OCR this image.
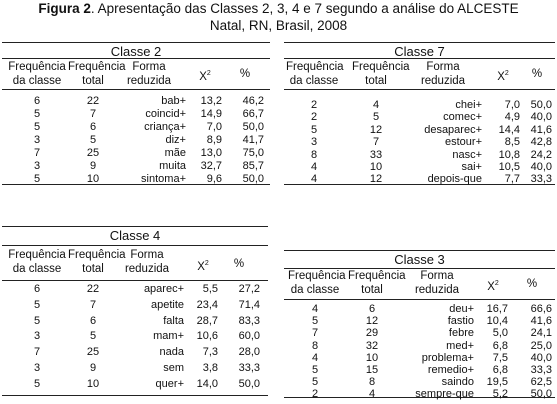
Figura 2. Apresentação das Classes 2, 3, 4 e 7 segundo a análise do ALCESTE
Natal, RN, Brasil, 2008
Classe 2
Frequência
da classe
Frequência
total
Forma
reduzida	$X^2$	%
6	22	bab+	13,2	46,2
5	7	coincid+	14,9	66,7
5	6	criança+	7,0	50,0
3	5	diz+	8,9	41,7
7	25	mãe	13,0	75,0
3	9	muita	32,7	85,7
5	10	sintoma+	9,6	50,0
Classe 7
Frequência
da classe
Frequência
total
Forma
reduzida	$X^2$	%
2	4	chei+	7,0 50,0
2	5	comec+	4,9 40,0
5	12	desaparec+	14,4 41,6
3	7	estour+	8,5 42,8
8	33	nasc+	10,8 24,2
4	10	sai+	10,5 40,0
4	12	depois-que	7,7 33,3
Classe 4
Frequência
da classe
Frequência
total
Forma
reduzida	$X^2$	%
6	22	aparec+	5,5	27,2
5	7	apetite	23,4	71,4
5	6	falta	28,7	83,3
3	5	mam+	10,6	60,0
7	25	nada	7,3	28,0
3	9	sem	3,8	33,3
5	10	quer+	14,0	50,0
Classe 3
Frequência
da classe
Frequência
total
Forma
reduzida	$X^2$	%
4	6	deu+	16,7	66,6
5	12	fastio	10,4	41,6
7	29	febre	5,0	24,1
8	32	med+	6,8	25,0
4	10	problema+	7,5	40,0
5	15	remedio+	6,8	33,3
5	8	saindo	19,5	62,5
2	4	sempre-que	5,2	50,0
